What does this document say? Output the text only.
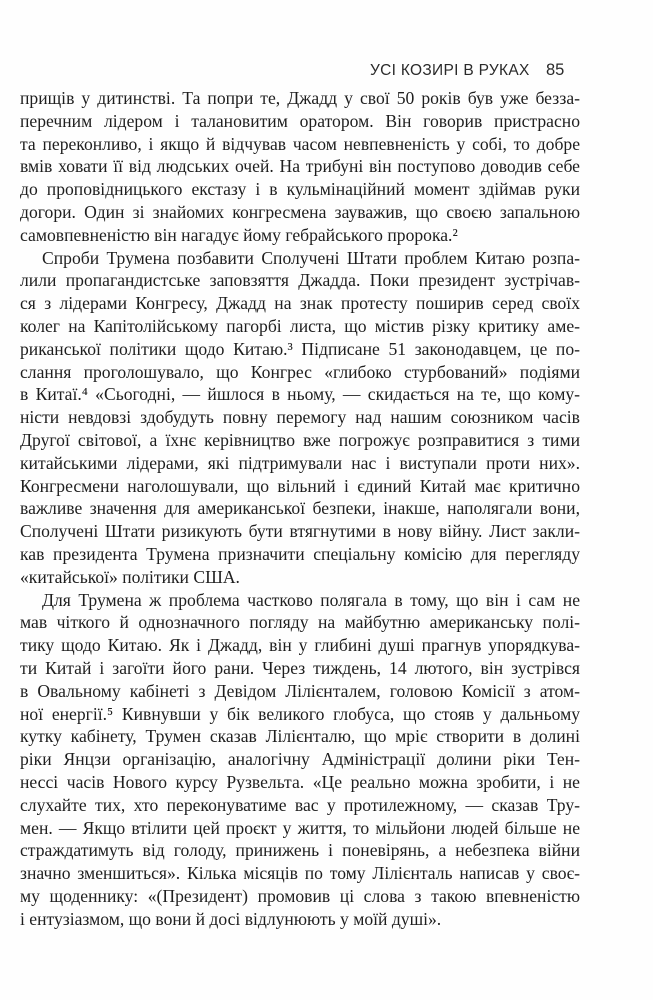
УСІ КОЗИРІ В РУКАХ 85
прищів у дитинстві. Та попри те, Джадд у свої 50 років був уже безза-
перечним лідером і талановитим оратором. Він говорив пристрасно
та переконливо, і якщо й відчував часом невпевненість у собі, то добре
вмів ховати її від людських очей. На трибуні він поступово доводив себе
до проповідницького екстазу і в кульмінаційний момент здіймав руки
догори. Один зі знайомих конгресмена зауважив, що своєю запальною
самовпевненістю він нагадує йому гебрайського пророка.²
Спроби Трумена позбавити Сполучені Штати проблем Китаю розпа-
лили пропагандистське заповзяття Джадда. Поки президент зустрічав-
ся з лідерами Конгресу, Джадд на знак протесту поширив серед своїх
колег на Капітолійському пагорбі листа, що містив різку критику аме-
риканської політики щодо Китаю.³ Підписане 51 законодавцем, це по-
слання проголошувало, що Конгрес «глибоко стурбований» подіями
в Китаї.⁴ «Сьогодні, — йшлося в ньому, — скидається на те, що кому-
ністи невдовзі здобудуть повну перемогу над нашим союзником часів
Другої світової, а їхнє керівництво вже погрожує розправитися з тими
китайськими лідерами, які підтримували нас і виступали проти них».
Конгресмени наголошували, що вільний і єдиний Китай має критично
важливе значення для американської безпеки, інакше, наполягали вони,
Сполучені Штати ризикують бути втягнутими в нову війну. Лист закли-
кав президента Трумена призначити спеціальну комісію для перегляду
«китайської» політики США.
Для Трумена ж проблема частково полягала в тому, що він і сам не
мав чіткого й однозначного погляду на майбутню американську полі-
тику щодо Китаю. Як і Джадд, він у глибині душі прагнув упорядкува-
ти Китай і загоїти його рани. Через тиждень, 14 лютого, він зустрівся
в Овальному кабінеті з Девідом Лілієнталем, головою Комісії з атом-
ної енергії.⁵ Кивнувши у бік великого глобуса, що стояв у дальньому
кутку кабінету, Трумен сказав Лілієнталю, що мріє створити в долині
ріки Янцзи організацію, аналогічну Адміністрації долини ріки Тен-
нессі часів Нового курсу Рузвельта. «Це реально можна зробити, і не
слухайте тих, хто переконуватиме вас у протилежному, — сказав Тру-
мен. — Якщо втілити цей проєкт у життя, то мільйони людей більше не
страждатимуть від голоду, принижень і поневірянь, а небезпека війни
значно зменшиться». Кілька місяців по тому Лілієнталь написав у своє-
му щоденнику: «(Президент) промовив ці слова з такою впевненістю
і ентузіазмом, що вони й досі відлунюють у моїй душі».
